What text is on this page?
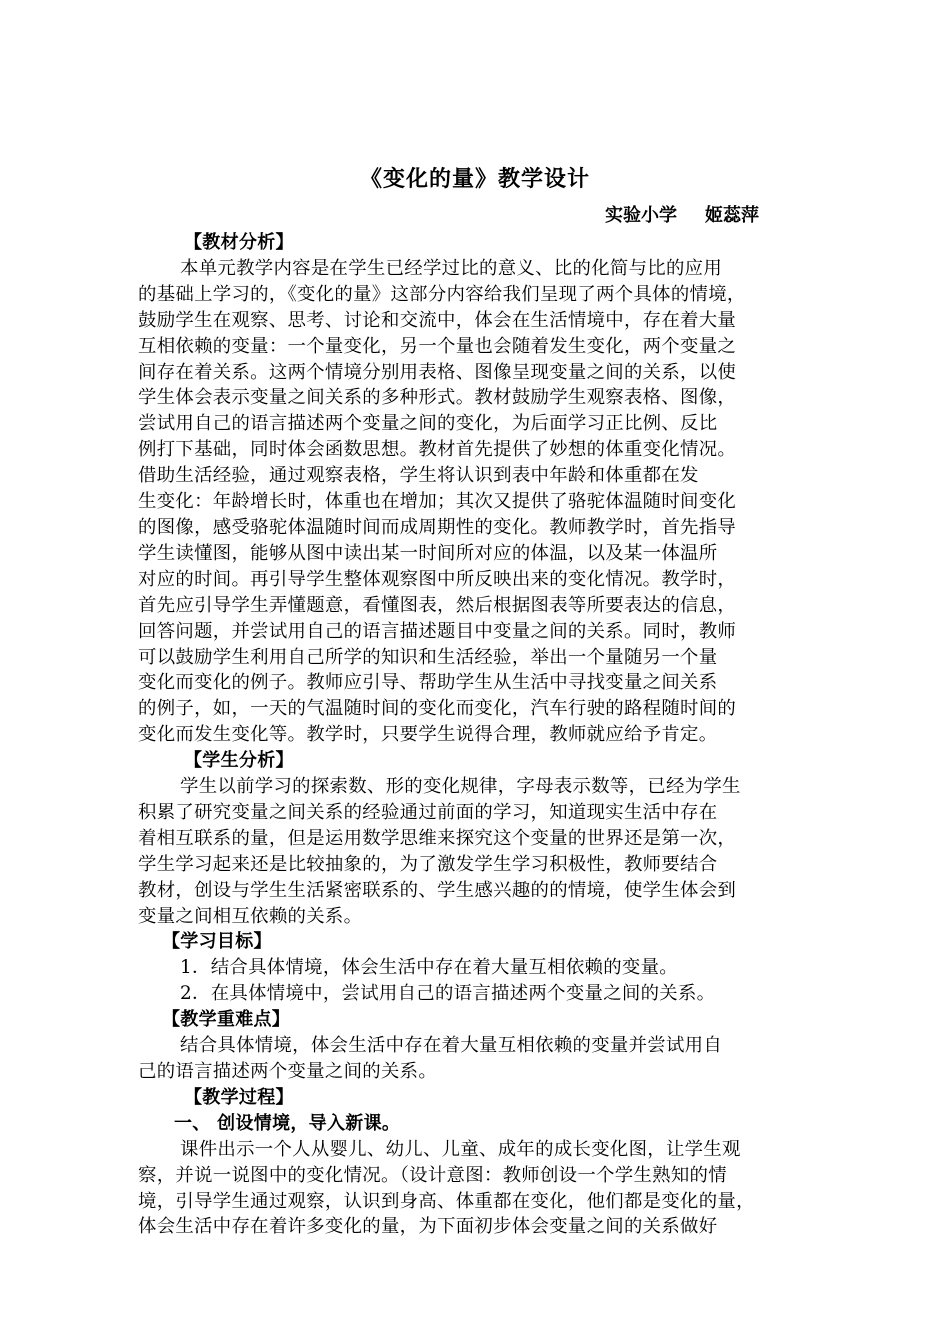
《变化的量》教学设计
实验小学 姬蕊萍

【教材分析】

本单元教学内容是在学生已经学过比的意义、比的化简与比的应用

的基础上学习的，《变化的量》这部分内容给我们呈现了两个具体的情境，

鼓励学生在观察、思考、讨论和交流中，体会在生活情境中，存在着大量

互相依赖的变量：一个量变化，另一个量也会随着发生变化，两个变量之

间存在着关系。这两个情境分别用表格、图像呈现变量之间的关系，以使

学生体会表示变量之间关系的多种形式。教材鼓励学生观察表格、图像，

尝试用自己的语言描述两个变量之间的变化，为后面学习正比例、反比

例打下基础，同时体会函数思想。教材首先提供了妙想的体重变化情况。

借助生活经验，通过观察表格，学生将认识到表中年龄和体重都在发

生变化：年龄增长时，体重也在增加；其次又提供了骆驼体温随时间变化

的图像，感受骆驼体温随时间而成周期性的变化。教师教学时，首先指导

学生读懂图，能够从图中读出某一时间所对应的体温，以及某一体温所

对应的时间。再引导学生整体观察图中所反映出来的变化情况。教学时，

首先应引导学生弄懂题意，看懂图表，然后根据图表等所要表达的信息，

回答问题，并尝试用自己的语言描述题目中变量之间的关系。同时，教师

可以鼓励学生利用自己所学的知识和生活经验，举出一个量随另一个量

变化而变化的例子。教师应引导、帮助学生从生活中寻找变量之间关系

的例子，如，一天的气温随时间的变化而变化，汽车行驶的路程随时间的

变化而发生变化等。教学时，只要学生说得合理，教师就应给予肯定。

【学生分析】

学生以前学习的探索数、形的变化规律，字母表示数等，已经为学生

积累了研究变量之间关系的经验通过前面的学习，知道现实生活中存在

着相互联系的量，但是运用数学思维来探究这个变量的世界还是第一次，

学生学习起来还是比较抽象的，为了激发学生学习积极性，教师要结合

教材，创设与学生生活紧密联系的、学生感兴趣的的情境，使学生体会到

变量之间相互依赖的关系。

【学习目标】

1．结合具体情境，体会生活中存在着大量互相依赖的变量。

2．在具体情境中，尝试用自己的语言描述两个变量之间的关系。

【教学重难点】

结合具体情境，体会生活中存在着大量互相依赖的变量并尝试用自

己的语言描述两个变量之间的关系。

【教学过程】

一、 创设情境，导入新课。

课件出示一个人从婴儿、幼儿、儿童、成年的成长变化图，让学生观

察，并说一说图中的变化情况。（设计意图：教师创设一个学生熟知的情

境，引导学生通过观察，认识到身高、体重都在变化，他们都是变化的量，

体会生活中存在着许多变化的量，为下面初步体会变量之间的关系做好
